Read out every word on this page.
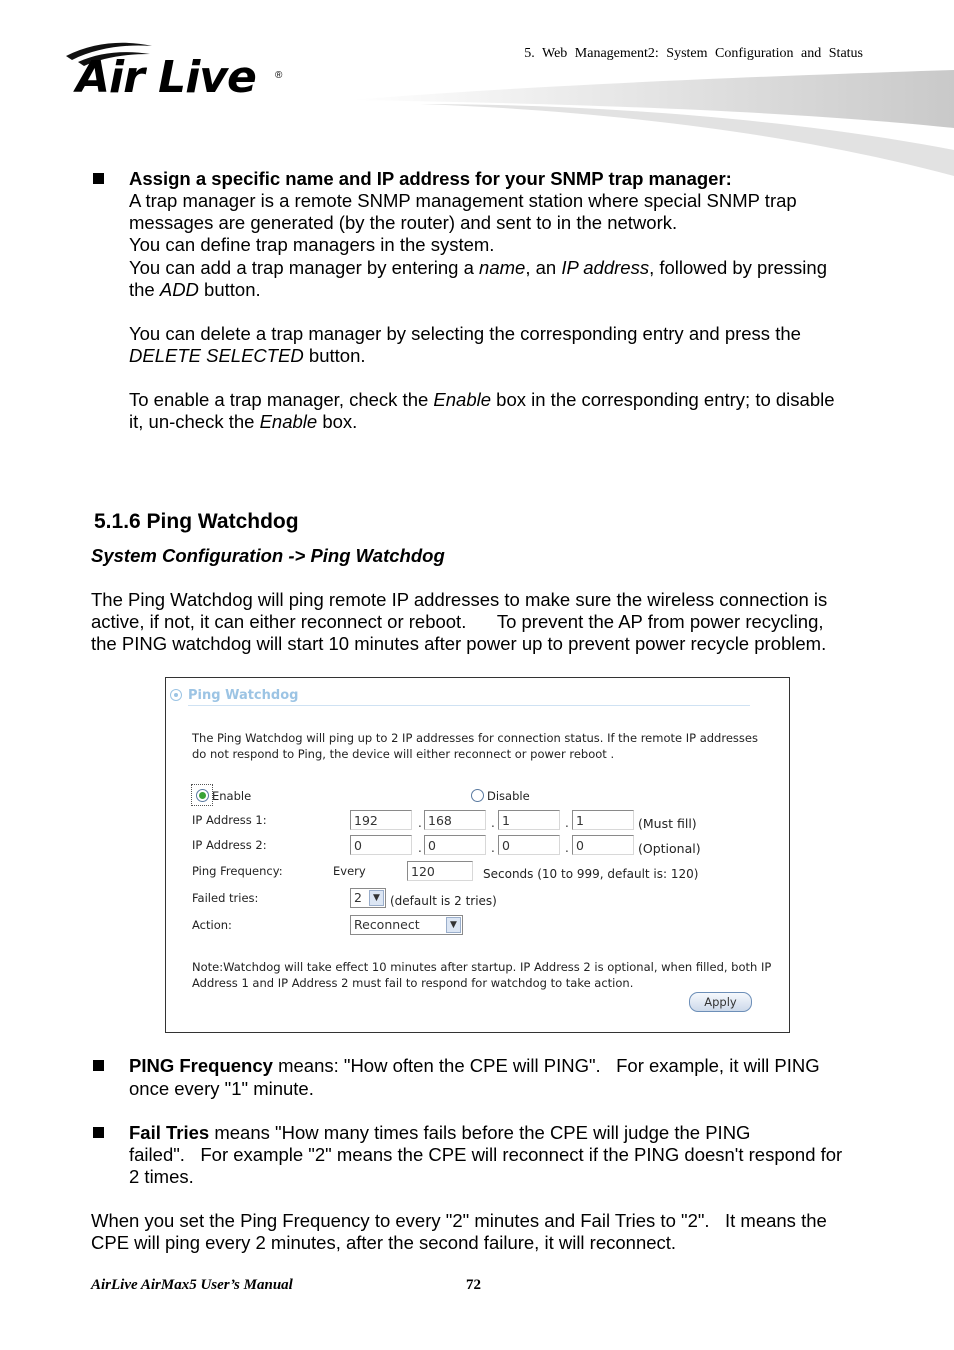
Air Live ®
5. Web Management2: System Configuration and Status
Assign a specific name and IP address for your SNMP trap manager:
A trap manager is a remote SNMP management station where special SNMP trap
messages are generated (by the router) and sent to in the network.
You can define trap managers in the system.
You can add a trap manager by entering a name, an IP address, followed by pressing
the ADD button.
You can delete a trap manager by selecting the corresponding entry and press the
DELETE SELECTED button.
To enable a trap manager, check the Enable box in the corresponding entry; to disable
it, un-check the Enable box.
5.1.6 Ping Watchdog
System Configuration -> Ping Watchdog
The Ping Watchdog will ping remote IP addresses to make sure the wireless connection is
active, if not, it can either reconnect or reboot.      To prevent the AP from power recycling,
the PING watchdog will start 10 minutes after power up to prevent power recycle problem.
Ping Watchdog
The Ping Watchdog will ping up to 2 IP addresses for connection status. If the remote IP addresses
do not respond to Ping, the device will either reconnect or power reboot .
Enable	Disable
IP Address 1:	192	. 168	. 1	. 1	(Must fill)
IP Address 2:	0	. 0	. 0	. 0	(Optional)
Ping Frequency:	Every	120	Seconds (10 to 999, default is: 120)
Failed tries:	2	▼ (default is 2 tries)
Action:	Reconnect	▼
Note:Watchdog will take effect 10 minutes after startup. IP Address 2 is optional, when filled, both IP
Address 1 and IP Address 2 must fail to respond for watchdog to take action.
Apply
PING Frequency means: "How often the CPE will PING".   For example, it will PING
once every "1" minute.
Fail Tries means "How many times fails before the CPE will judge the PING
failed".   For example "2" means the CPE will reconnect if the PING doesn't respond for
2 times.
When you set the Ping Frequency to every "2" minutes and Fail Tries to "2".   It means the
CPE will ping every 2 minutes, after the second failure, it will reconnect.
AirLive AirMax5 User’s Manual	72
